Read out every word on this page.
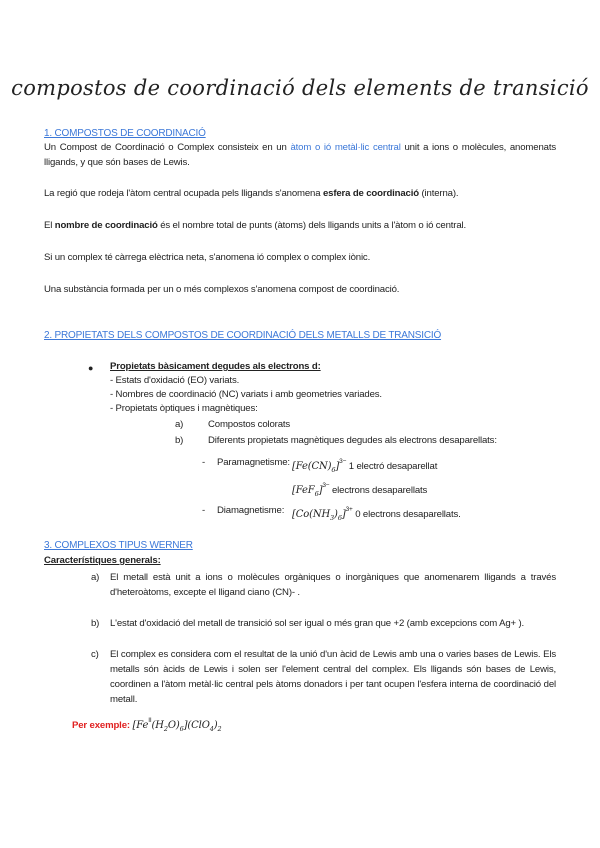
compostos de coordinació dels elements de transició
1. COMPOSTOS DE COORDINACIÓ
Un Compost de Coordinació o Complex consisteix en un àtom o ió metàl·lic central unit a ions o molècules, anomenats lligands, y que són bases de Lewis.
La regió que rodeja l'àtom central ocupada pels lligands s'anomena esfera de coordinació (interna).
El nombre de coordinació és el nombre total de punts (àtoms) dels lligands units a l'àtom o ió central.
Si un complex té càrrega elèctrica neta, s'anomena ió complex o complex iònic.
Una substància formada per un o més complexos s'anomena compost de coordinació.
2. PROPIETATS DELS COMPOSTOS DE COORDINACIÓ DELS METALLS DE TRANSICIÓ
● Propietats bàsicament degudes als electrons d:
- Estats d'oxidació (EO) variats.
- Nombres de coordinació (NC) variats i amb geometries variades.
- Propietats òptiques i magnètiques:
a)	Compostos colorats
b)	Diferents propietats magnètiques degudes als electrons desaparellats:
- Paramagnetisme: $[Fe(CN)_6]^{3-}$ 1 electró desaparellat
$[FeF_6]^{3-}$ electrons desaparellats
- Diamagnetisme: $[Co(NH_3)_6]^{3+}$ 0 electrons desaparellats.
3. COMPLEXOS TIPUS WERNER
Característiques generals:
a) El metall està unit a ions o molècules orgàniques o inorgàniques que anomenarem lligands a través d'heteroàtoms, excepte el lligand ciano (CN)- .
b) L'estat d'oxidació del metall de transició sol ser igual o més gran que +2 (amb excepcions com Ag+ ).
c) El complex es considera com el resultat de la unió d'un àcid de Lewis amb una o varies bases de Lewis. Els metalls són àcids de Lewis i solen ser l'element central del complex. Els lligands són bases de Lewis, coordinen a l'àtom metàl·lic central pels àtoms donadors i per tant ocupen l'esfera interna de coordinació del metall.
Per exemple: $[Fe^{II}(H_2O)_6](ClO_4)_2$
